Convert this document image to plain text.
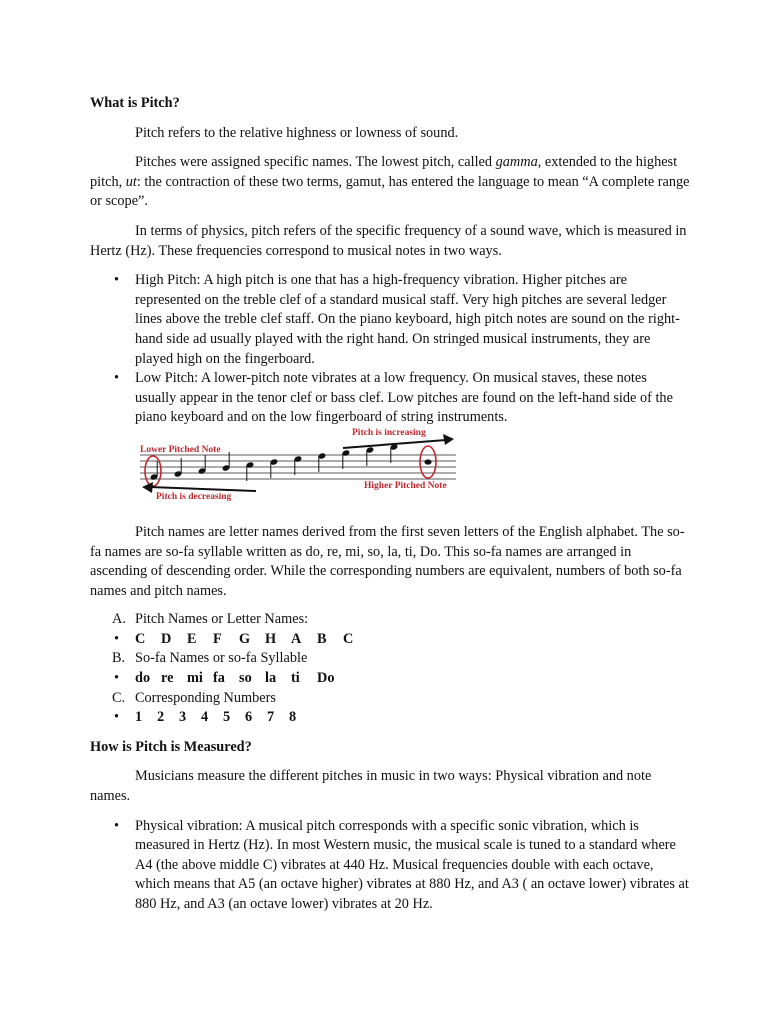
What is Pitch?

Pitch refers to the relative highness or lowness of sound.

Pitches were assigned specific names. The lowest pitch, called gamma, extended to the highest pitch, ut: the contraction of these two terms, gamut, has entered the language to mean “A complete range or scope”.

In terms of physics, pitch refers of the specific frequency of a sound wave, which is measured in Hertz (Hz). These frequencies correspond to musical notes in two ways.

• High Pitch: A high pitch is one that has a high-frequency vibration. Higher pitches are represented on the treble clef of a standard musical staff. Very high pitches are several ledger lines above the treble clef staff. On the piano keyboard, high pitch notes are sound on the right-hand side ad usually played with the right hand. On stringed musical instruments, they are played high on the fingerboard.
• Low Pitch: A lower-pitch note vibrates at a low frequency. On musical staves, these notes usually appear in the tenor clef or bass clef. Low pitches are found on the left-hand side of the piano keyboard and on the low fingerboard of string instruments.

Pitch names are letter names derived from the first seven letters of the English alphabet. The so-fa names are so-fa syllable written as do, re, mi, so, la, ti, Do. This so-fa names are arranged in ascending of descending order. While the corresponding numbers are equivalent, numbers of both so-fa names and pitch names.

A. Pitch Names or Letter Names:
• C D E F G H A B C
B. So-fa Names or so-fa Syllable
• do re mi fa so la ti Do
C. Corresponding Numbers
• 1 2 3 4 5 6 7 8
How is Pitch is Measured?

Musicians measure the different pitches in music in two ways: Physical vibration and note names.

• Physical vibration: A musical pitch corresponds with a specific sonic vibration, which is measured in Hertz (Hz). In most Western music, the musical scale is tuned to a standard where A4 (the above middle C) vibrates at 440 Hz. Musical frequencies double with each octave, which means that A5 (an octave higher) vibrates at 880 Hz, and A3 ( an octave lower) vibrates at 880 Hz, and A3 (an octave lower) vibrates at 20 Hz.
Lower Pitched Note
Pitch is increasing
Higher Pitched Note
Pitch is decreasing
